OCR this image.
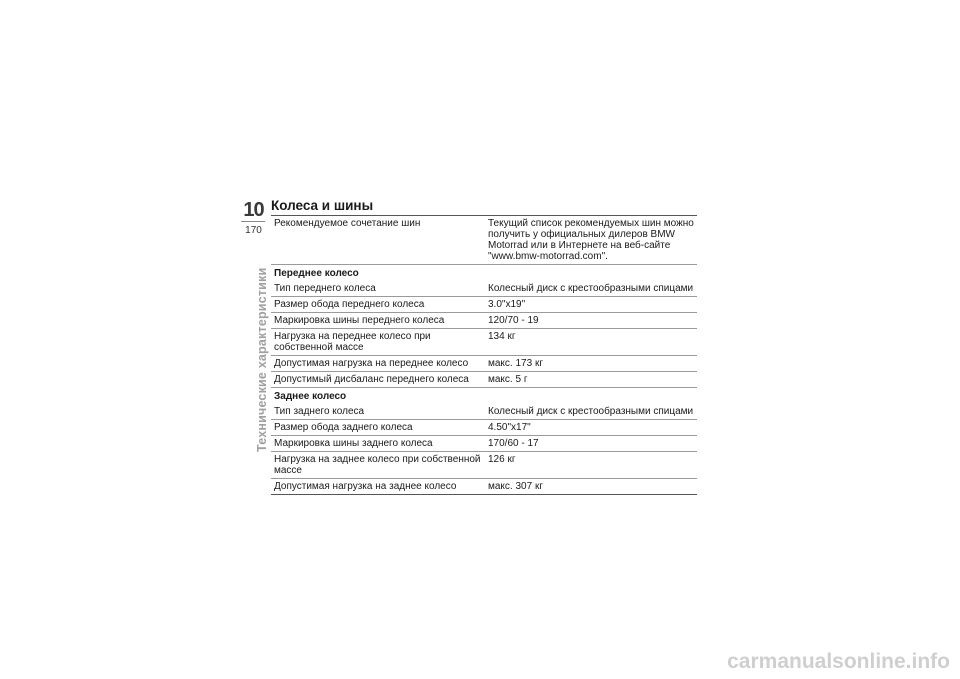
10
170
Технические характеристики
Колеса и шины
Рекомендуемое сочетание шин	Текущий список рекомендуемых шин можно получить у официальных дилеров BMW Motorrad или в Интернете на веб-сайте "www.bmw-motorrad.com".
Переднее колесо	
Тип переднего колеса	Колесный диск с крестообразными спицами
Размер обода переднего колеса	3.0"x19"
Маркировка шины переднего колеса	120/70 - 19
Нагрузка на переднее колесо при собственной массе	134 кг
Допустимая нагрузка на переднее колесо	макс. 173 кг
Допустимый дисбаланс переднего колеса	макс. 5 г
Заднее колесо	
Тип заднего колеса	Колесный диск с крестообразными спицами
Размер обода заднего колеса	4.50"x17"
Маркировка шины заднего колеса	170/60 - 17
Нагрузка на заднее колесо при собственной массе	126 кг
Допустимая нагрузка на заднее колесо	макс. 307 кг
carmanualsonline.info
